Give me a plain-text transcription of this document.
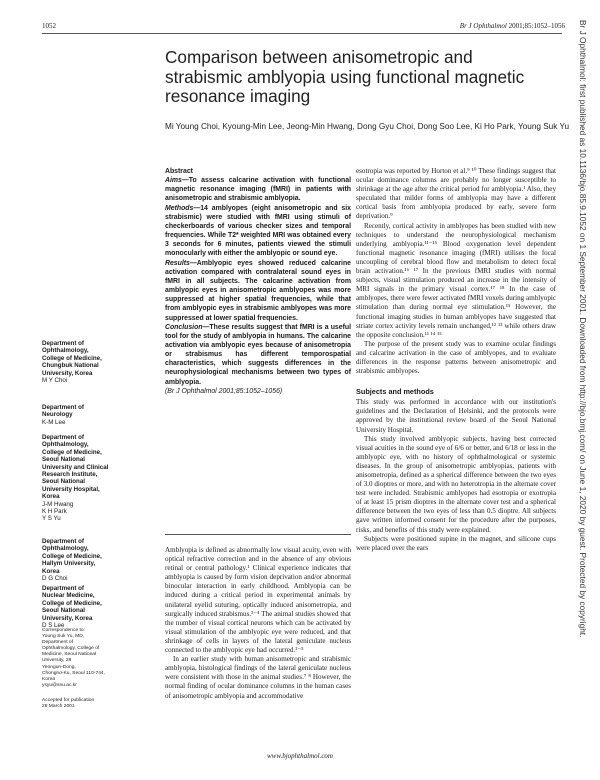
1052	Br J Ophthalmol 2001;85:1052–1056
Comparison between anisometropic and strabismic amblyopia using functional magnetic resonance imaging
Mi Young Choi, Kyoung-Min Lee, Jeong-Min Hwang, Dong Gyu Choi, Dong Soo Lee, Ki Ho Park, Young Suk Yu
Department of
Ophthalmology,
College of Medicine,
Chungbuk National
University, Korea
M Y Choi
Department of
Neurology
K-M Lee
Department of
Ophthalmology,
College of Medicine,
Seoul National
University and Clinical
Research Institute,
Seoul National
University Hospital,
Korea
J-M Hwang
K H Park
Y S Yu
Department of
Ophthalmology,
College of Medicine,
Hallym University,
Korea
D G Choi
Department of
Nuclear Medicine,
College of Medicine,
Seoul National
University, Korea
D S Lee
Correspondence to:
Young Suk Yu, MD,
Department of
Ophthalmology, College of
Medicine, Seoul National
University, 28
Yeongun-Dong,
Chongno-Ku, Seoul 110-744,
Korea
ysyu@snu.ac.kr
Accepted for publication
28 March 2001
Abstract
Aims—To assess calcarine activation with functional magnetic resonance imaging (fMRI) in patients with anisometropic and strabismic amblyopia.
Methods—14 amblyopes (eight anisometropic and six strabismic) were studied with fMRI using stimuli of checkerboards of various checker sizes and temporal frequencies. While T2* weighted MRI was obtained every 3 seconds for 6 minutes, patients viewed the stimuli monocularly with either the amblyopic or sound eye.
Results—Amblyopic eyes showed reduced calcarine activation compared with contralateral sound eyes in fMRI in all subjects. The calcarine activation from amblyopic eyes in anisometropic amblyopes was more suppressed at higher spatial frequencies, while that from amblyopic eyes in strabismic amblyopes was more suppressed at lower spatial frequencies.
Conclusion—These results suggest that fMRI is a useful tool for the study of amblyopia in humans. The calcarine activation via amblyopic eyes because of anisometropia or strabismus has different temporospatial characteristics, which suggests differences in the neurophysiological mechanisms between two types of amblyopia.
(Br J Ophthalmol 2001;85:1052–1056)

Amblyopia is defined as abnormally low visual acuity, even with optical refractive correction and in the absence of any obvious retinal or central pathology.¹ Clinical experience indicates that amblyopia is caused by form vision deprivation and/or abnormal binocular interaction in early childhood. Amblyopia can be induced during a critical period in experimental animals by unilateral eyelid suturing, optically induced anisometropia, and surgically induced strabismus.²⁻⁴ The animal studies showed that the number of visual cortical neurons which can be activated by visual stimulation of the amblyopic eye were reduced, and that shrinkage of cells in layers of the lateral geniculate nucleus connected to the amblyopic eye had occurred.²⁻⁵

In an earlier study with human anisometropic and strabismic amblyopia, histological findings of the lateral geniculate nucleus were consistent with those in the animal studies.⁷ ⁸ However, the normal finding of ocular dominance columns in the human cases of anisometropic amblyopia and accommodative

esotropia was reported by Horton et al.⁹ ¹⁰ These findings suggest that ocular dominance columns are probably no longer susceptible to shrinkage at the age after the critical period for amblyopia.¹ Also, they speculated that milder forms of amblyopia may have a different cortical basis from amblyopia produced by early, severe form deprivation.⁹

Recently, cortical activity in amblyopes has been studied with new techniques to understand the neurophysiological mechanism underlying amblyopia.¹¹⁻¹⁵ Blood oxygenation level dependent functional magnetic resonance imaging (fMRI) utilises the focal uncoupling of cerebral blood flow and metabolism to detect focal brain activation.¹⁶ ¹⁷ In the previous fMRI studies with normal subjects, visual stimulation produced an increase in the intensity of MRI signals in the primary visual cortex.¹⁷ ¹⁸ In the case of amblyopes, there were fewer activated fMRI voxels during amblyopic stimulation than during normal eye stimulation.¹⁵ However, the functional imaging studies in human amblyopes have suggested that striate cortex activity levels remain unchanged,¹² ¹³ while others draw the opposite conclusion.¹¹ ¹⁴ ¹⁵

The purpose of the present study was to examine ocular findings and calcarine activation in the case of amblyopes, and to evaluate differences in the response patterns between anisometropic and strabismic amblyopes.

Subjects and methods

This study was performed in accordance with our institution's guidelines and the Declaration of Helsinki, and the protocols were approved by the institutional review board of the Seoul National University Hospital.

This study involved amblyopic subjects, having best corrected visual acuities in the sound eye of 6/6 or better, and 6/18 or less in the amblyopic eye, with no history of ophthalmological or systemic diseases. In the group of anisometropic amblyopias, patients with anisometropia, defined as a spherical difference between the two eyes of 3.0 dioptres or more, and with no heterotropia in the alternate cover test were included. Strabismic amblyopes had esotropia or exotropia of at least 15 prism dioptres in the alternate cover test and a spherical difference between the two eyes of less than 0.5 dioptre. All subjects gave written informed consent for the procedure after the purposes, risks, and benefits of this study were explained.

Subjects were positioned supine in the magnet, and silicone cups were placed over the ears

www.bjophthalmol.com
Br J Ophthalmol: first published as 10.1136/bjo.85.9.1052 on 1 September 2001. Downloaded from http://bjo.bmj.com/ on June 1, 2020 by guest. Protected by copyright.
